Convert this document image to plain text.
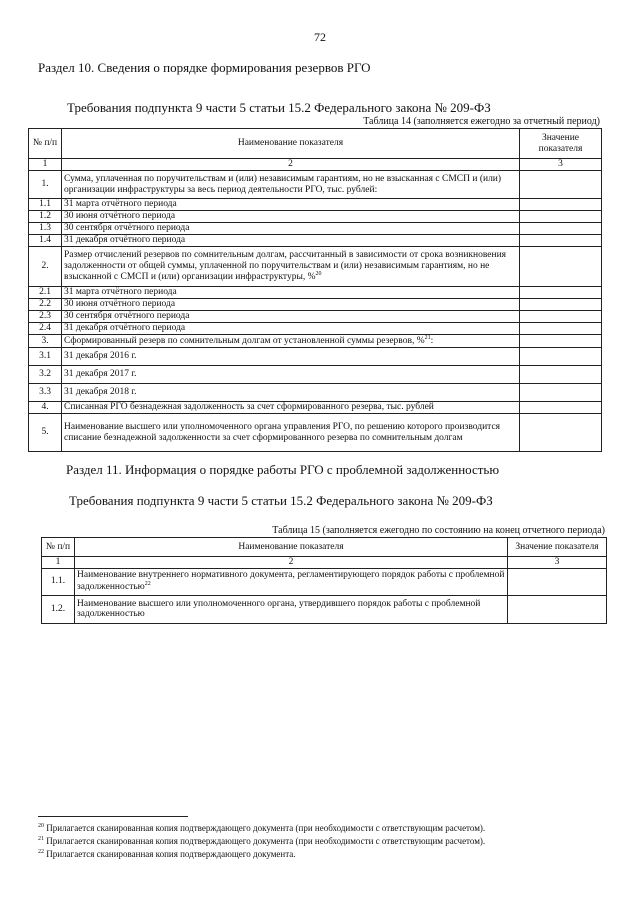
72
Раздел 10. Сведения о порядке формирования резервов РГО
Требования подпункта 9 части 5 статьи 15.2 Федерального закона № 209-ФЗ
Таблица 14 (заполняется ежегодно за отчетный период)
№ п/п	Наименование показателя	Значение показателя
1	2	3
1.	Сумма, уплаченная по поручительствам и (или) независимым гарантиям, но не взысканная с СМСП и (или) организации инфраструктуры за весь период деятельности РГО, тыс. рублей:	
1.1	31 марта отчётного периода	
1.2	30 июня отчётного периода	
1.3	30 сентября отчётного периода	
1.4	31 декабря отчётного периода	
2.	Размер отчислений резервов по сомнительным долгам, рассчитанный в зависимости от срока возникновения задолженности от общей суммы, уплаченной по поручительствам и (или) независимым гарантиям, но не взысканной с СМСП и (или) организации инфраструктуры, %$^{20}$	
2.1	31 марта отчётного периода	
2.2	30 июня отчётного периода	
2.3	30 сентября отчётного периода	
2.4	31 декабря отчётного периода	
3.	Сформированный резерв по сомнительным долгам от установленной суммы резервов, %$^{21}$:	
3.1	31 декабря 2016 г.	
3.2	31 декабря 2017 г.	
3.3	31 декабря 2018 г.	
4.	Списанная РГО безнадежная задолженность за счет сформированного резерва, тыс. рублей	
5.	Наименование высшего или уполномоченного органа управления РГО, по решению которого производится списание безнадежной задолженности за счет сформированного резерва по сомнительным долгам	
Раздел 11. Информация о порядке работы РГО с проблемной задолженностью
Требования подпункта 9 части 5 статьи 15.2 Федерального закона № 209-ФЗ
Таблица 15 (заполняется ежегодно по состоянию на конец отчетного периода)
№ п/п	Наименование показателя	Значение показателя
1	2	3
1.1.	Наименование внутреннего нормативного документа, регламентирующего порядок работы с проблемной задолженностью$^{22}$	
1.2.	Наименование высшего или уполномоченного органа, утвердившего порядок работы с проблемной задолженностью	
$^{20}$ Прилагается сканированная копия подтверждающего документа (при необходимости с ответствующим расчетом).
$^{21}$ Прилагается сканированная копия подтверждающего документа (при необходимости с ответствующим расчетом).
$^{22}$ Прилагается сканированная копия подтверждающего документа.
